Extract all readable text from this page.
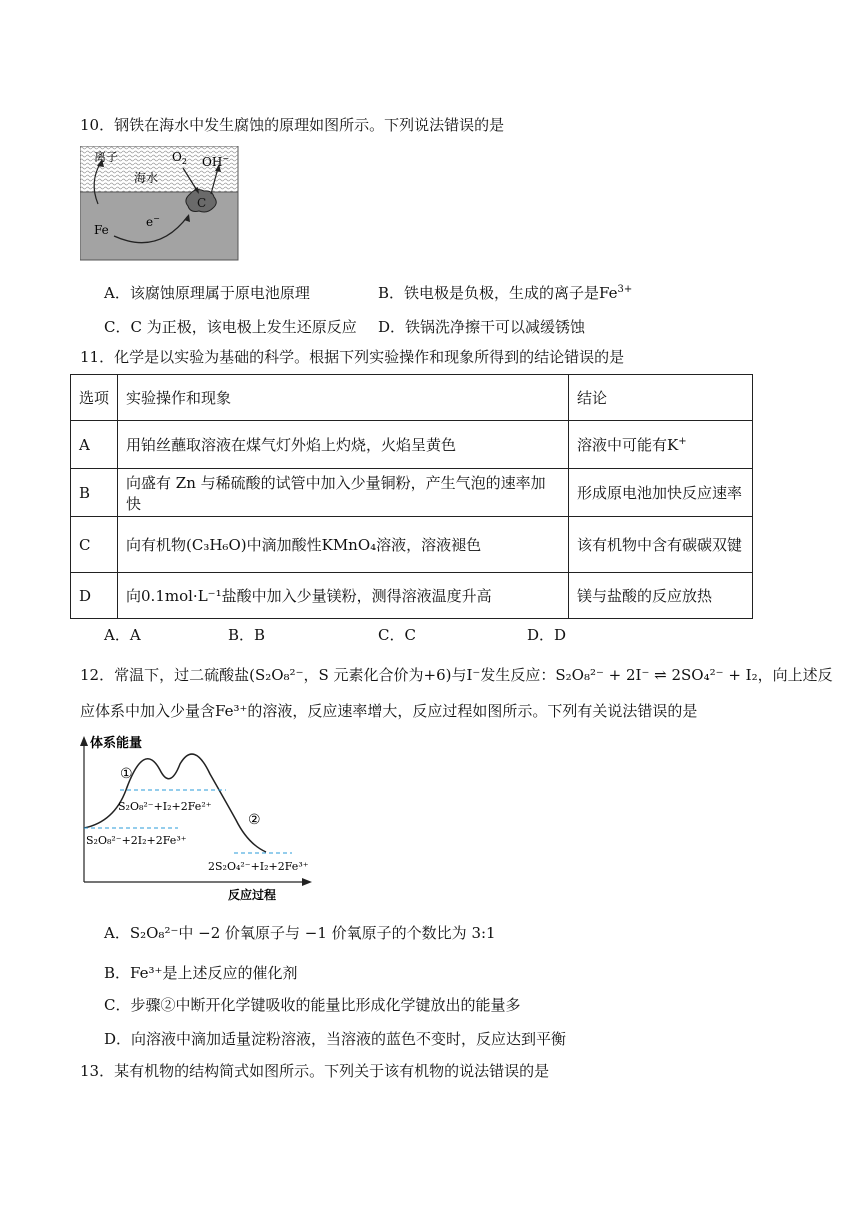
10．钢铁在海水中发生腐蚀的原理如图所示。下列说法错误的是
离子
海水
$O_2$ OH−
C
e−
Fe
A．该腐蚀原理属于原电池原理	B．铁电极是负极，生成的离子是$Fe^{3+}$
C．C 为正极，该电极上发生还原反应 D．铁锅洗净擦干可以减缓锈蚀
11．化学是以实验为基础的科学。根据下列实验操作和现象所得到的结论错误的是
选项	实验操作和现象	结论
A	用铂丝蘸取溶液在煤气灯外焰上灼烧，火焰呈黄色	溶液中可能有K+
B	向盛有 Zn 与稀硫酸的试管中加入少量铜粉，产生气泡的速率加快	形成原电池加快反应速率
C	向有机物(C₃H₆O)中滴加酸性KMnO₄溶液，溶液褪色	该有机物中含有碳碳双键
D	向0.1mol·L⁻¹盐酸中加入少量镁粉，测得溶液温度升高	镁与盐酸的反应放热
A．A	B．B	C．C	D．D
12．常温下，过二硫酸盐(S₂O₈²⁻，S 元素化合价为+6)与I⁻发生反应：S₂O₈²⁻ + 2I⁻ ⇌ 2SO₄²⁻ + I₂，向上述反
应体系中加入少量含Fe³⁺的溶液，反应速率增大，反应过程如图所示。下列有关说法错误的是
体系能量
反应过程
①
②
S₂O₈²⁻+I₂+2Fe²⁺
S₂O₈²⁻+2I₂+2Fe³⁺
2S₂O₄²⁻+I₂+2Fe³⁺
A．S₂O₈²⁻中 −2 价氧原子与 −1 价氧原子的个数比为 3:1
B．Fe³⁺是上述反应的催化剂
C．步骤②中断开化学键吸收的能量比形成化学键放出的能量多
D．向溶液中滴加适量淀粉溶液，当溶液的蓝色不变时，反应达到平衡
13．某有机物的结构简式如图所示。下列关于该有机物的说法错误的是
